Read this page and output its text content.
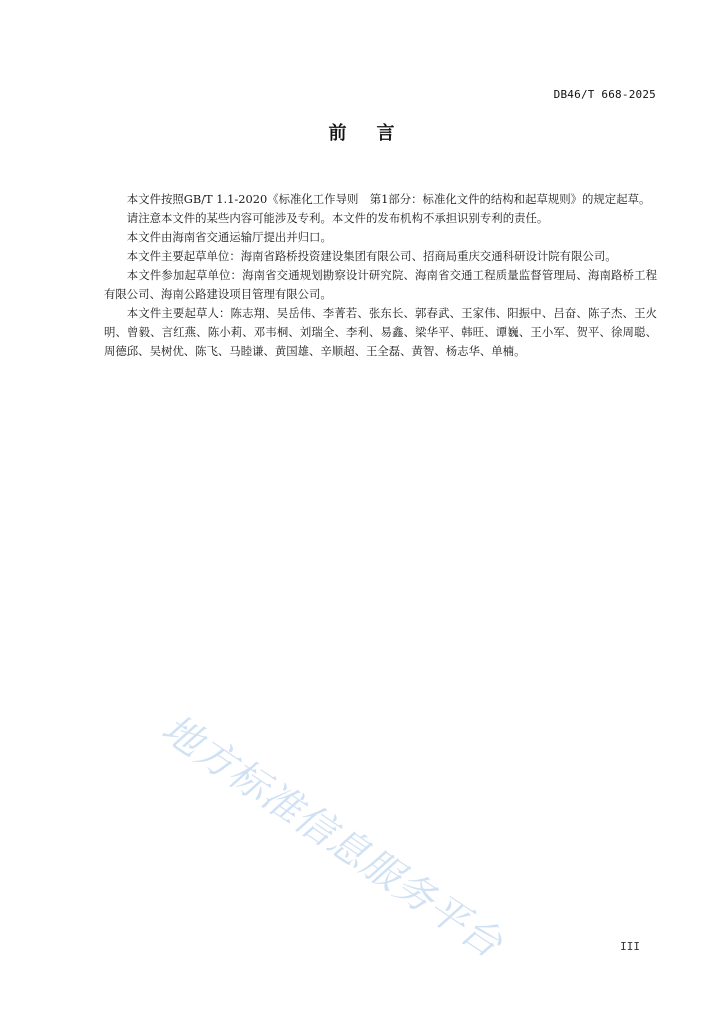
DB46/T 668-2025
前    言

本文件按照GB/T 1.1-2020《标准化工作导则　第1部分：标准化文件的结构和起草规则》的规定起草。

请注意本文件的某些内容可能涉及专利。本文件的发布机构不承担识别专利的责任。

本文件由海南省交通运输厅提出并归口。

本文件主要起草单位：海南省路桥投资建设集团有限公司、招商局重庆交通科研设计院有限公司。

本文件参加起草单位：海南省交通规划勘察设计研究院、海南省交通工程质量监督管理局、海南路桥工程有限公司、海南公路建设项目管理有限公司。

本文件主要起草人：陈志翔、吴岳伟、李菁若、张东长、郭春武、王家伟、阳振中、吕奋、陈子杰、王火明、曾毅、言红燕、陈小莉、邓韦桐、刘瑞全、李利、易鑫、梁华平、韩旺、谭巍、王小军、贺平、徐周聪、周德邱、吴树优、陈飞、马睦谦、黄国雄、辛顺超、王全磊、黄智、杨志华、单楠。

地方标准信息服务平台	III
